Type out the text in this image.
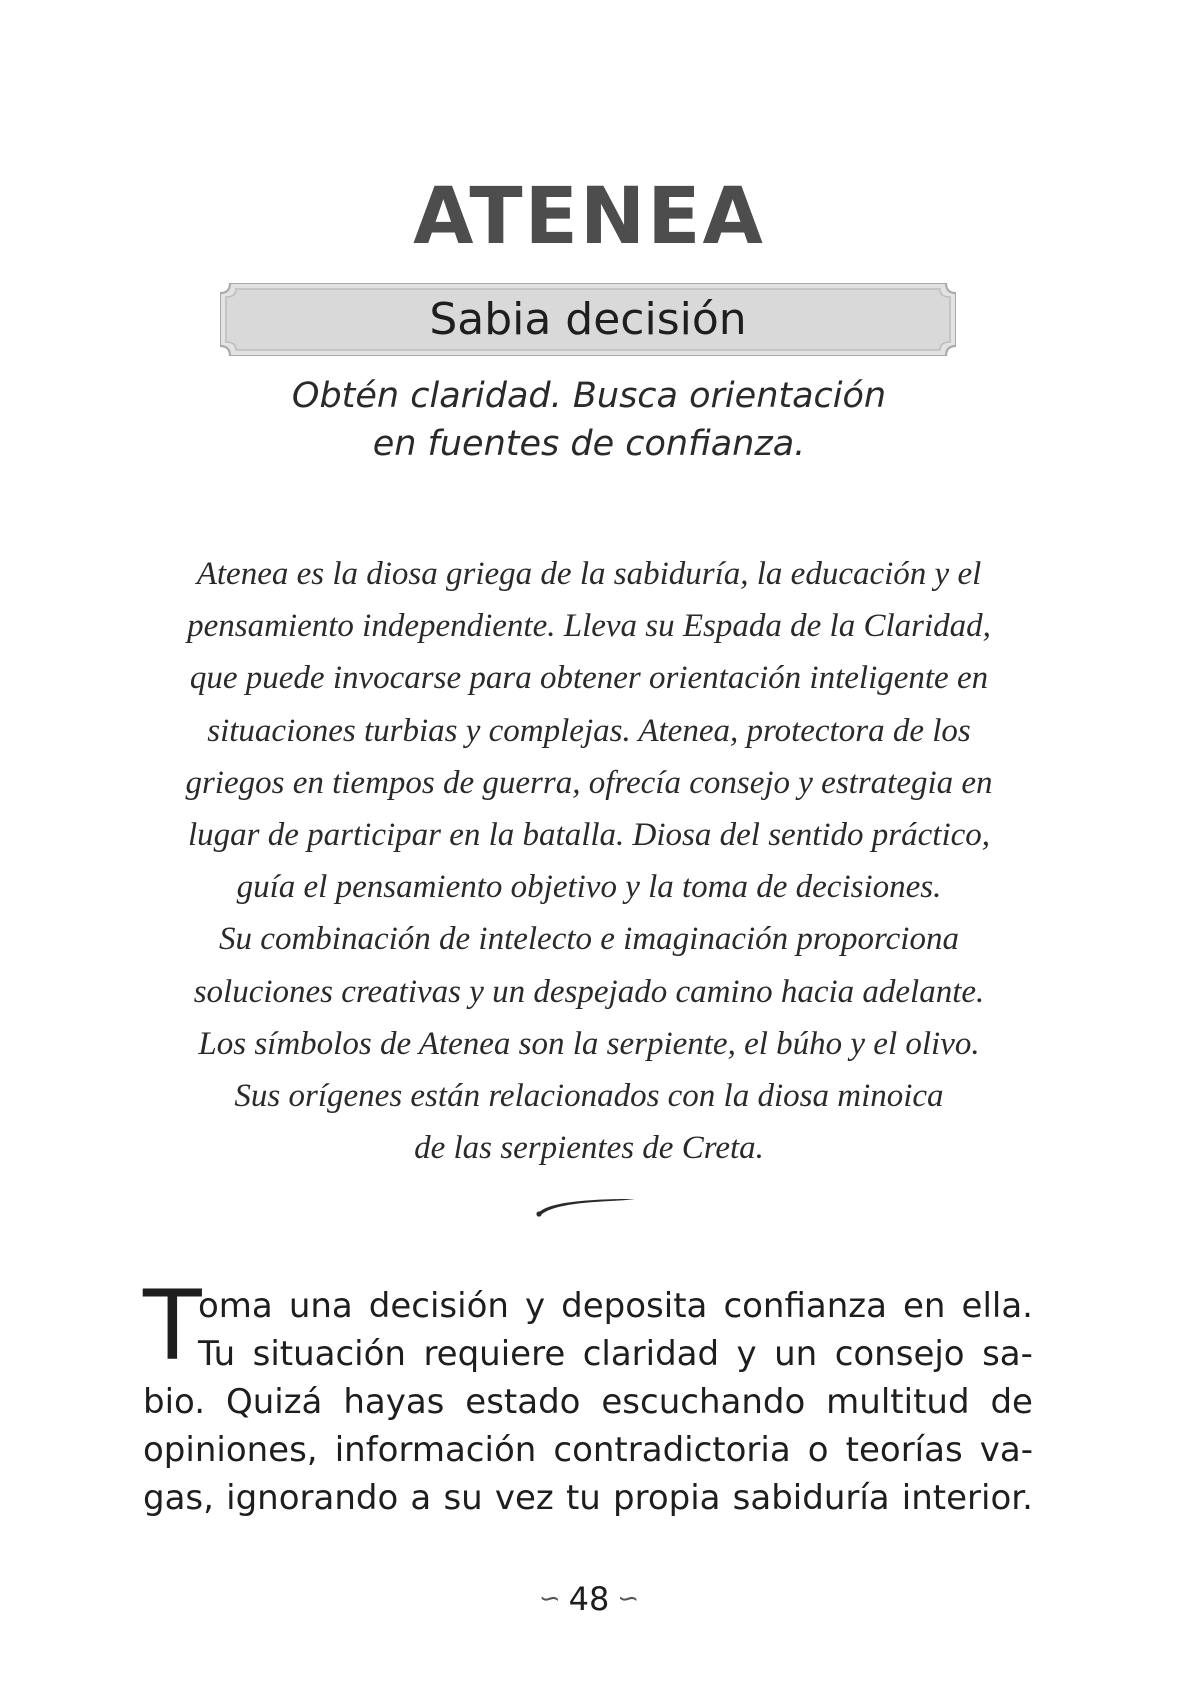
ATENEA
Sabia decisión
Obtén claridad. Busca orientación
en fuentes de confianza.
Atenea es la diosa griega de la sabiduría, la educación y el
pensamiento independiente. Lleva su Espada de la Claridad,
que puede invocarse para obtener orientación inteligente en
situaciones turbias y complejas. Atenea, protectora de los
griegos en tiempos de guerra, ofrecía consejo y estrategia en
lugar de participar en la batalla. Diosa del sentido práctico,
guía el pensamiento objetivo y la toma de decisiones.
Su combinación de intelecto e imaginación proporciona
soluciones creativas y un despejado camino hacia adelante.
Los símbolos de Atenea son la serpiente, el búho y el olivo.
Sus orígenes están relacionados con la diosa minoica
de las serpientes de Creta.
T
oma una decisión y deposita confianza en ella.
Tu situación requiere claridad y un consejo sa-
bio. Quizá hayas estado escuchando multitud de
opiniones, información contradictoria o teorías va-
gas, ignorando a su vez tu propia sabiduría interior.
∽ 48 ∽
